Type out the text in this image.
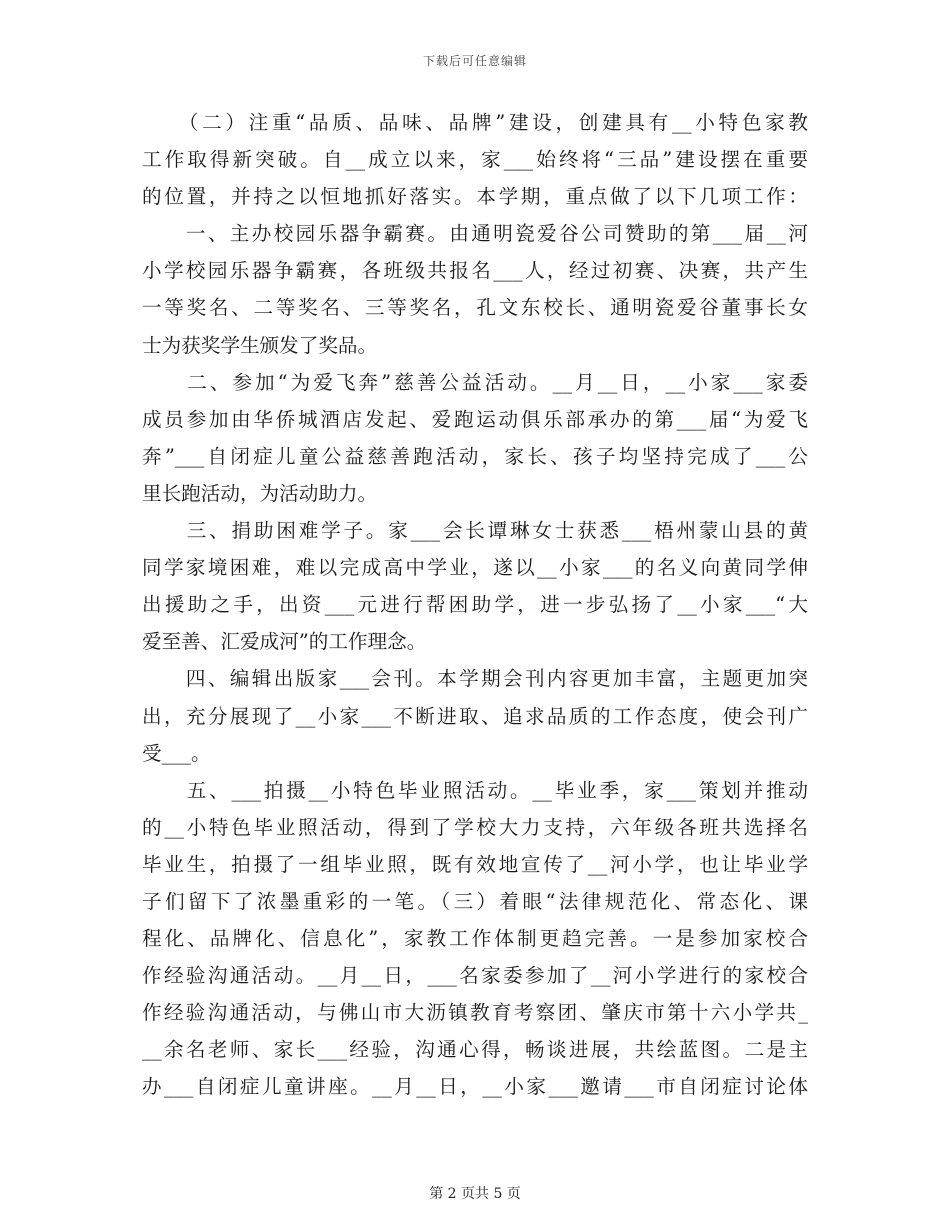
下载后可任意编辑
　　（二）注重“品质、品味、品牌”建设，创建具有__小特色家教
工作取得新突破。自__成立以来，家___始终将“三品”建设摆在重要
的位置，并持之以恒地抓好落实。本学期，重点做了以下几项工作：
　　一、主办校园乐器争霸赛。由通明瓷爱谷公司赞助的第___届__河
小学校园乐器争霸赛，各班级共报名___人，经过初赛、决赛，共产生
一等奖名、二等奖名、三等奖名，孔文东校长、通明瓷爱谷董事长女
士为获奖学生颁发了奖品。
　　二、参加“为爱飞奔”慈善公益活动。__月__日，__小家___家委
成员参加由华侨城酒店发起、爱跑运动俱乐部承办的第___届“为爱飞
奔”___自闭症儿童公益慈善跑活动，家长、孩子均坚持完成了___公
里长跑活动，为活动助力。
　　三、捐助困难学子。家___会长谭琳女士获悉___梧州蒙山县的黄
同学家境困难，难以完成高中学业，遂以__小家___的名义向黄同学伸
出援助之手，出资___元进行帮困助学，进一步弘扬了__小家___“大
爱至善、汇爱成河”的工作理念。
　　四、编辑出版家___会刊。本学期会刊内容更加丰富，主题更加突
出，充分展现了__小家___不断进取、追求品质的工作态度，使会刊广
受___。
　　五、___拍摄__小特色毕业照活动。__毕业季，家___策划并推动
的__小特色毕业照活动，得到了学校大力支持，六年级各班共选择名
毕业生，拍摄了一组毕业照，既有效地宣传了__河小学，也让毕业学
子们留下了浓墨重彩的一笔。（三）着眼“法律规范化、常态化、课
程化、品牌化、信息化”，家教工作体制更趋完善。一是参加家校合
作经验沟通活动。__月__日，___名家委参加了__河小学进行的家校合
作经验沟通活动，与佛山市大沥镇教育考察团、肇庆市第十六小学共_
__余名老师、家长___经验，沟通心得，畅谈进展，共绘蓝图。二是主
办___自闭症儿童讲座。__月__日，__小家___邀请___市自闭症讨论体
第 2 页共 5 页
